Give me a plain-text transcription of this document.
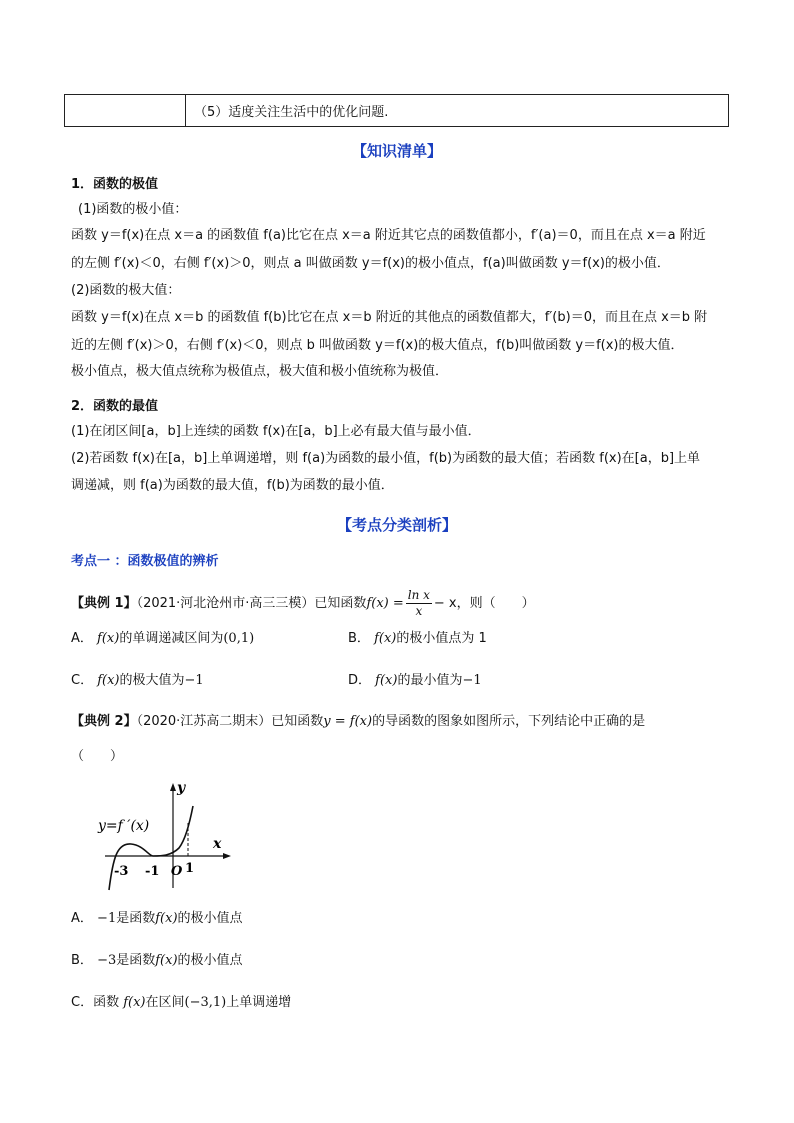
	（5）适度关注生活中的优化问题.
【知识清单】
1．函数的极值
(1)函数的极小值：
函数 y＝f(x)在点 x＝a 的函数值 f(a)比它在点 x＝a 附近其它点的函数值都小，f′(a)＝0，而且在点 x＝a 附近
的左侧 f′(x)＜0，右侧 f′(x)＞0，则点 a 叫做函数 y＝f(x)的极小值点，f(a)叫做函数 y＝f(x)的极小值．
(2)函数的极大值：
函数 y＝f(x)在点 x＝b 的函数值 f(b)比它在点 x＝b 附近的其他点的函数值都大，f′(b)＝0，而且在点 x＝b 附
近的左侧 f′(x)＞0，右侧 f′(x)＜0，则点 b 叫做函数 y＝f(x)的极大值点，f(b)叫做函数 y＝f(x)的极大值．
极小值点，极大值点统称为极值点，极大值和极小值统称为极值．
2．函数的最值
(1)在闭区间[a，b]上连续的函数 f(x)在[a，b]上必有最大值与最小值．
(2)若函数 f(x)在[a，b]上单调递增，则 f(a)为函数的最小值，f(b)为函数的最大值；若函数 f(x)在[a，b]上单
调递减，则 f(a)为函数的最大值，f(b)为函数的最小值．
【考点分类剖析】
考点一 ：函数极值的辨析
【典例 1】（2021·河北沧州市·高三三模）已知函数$f(x) = \frac{\text{ln x}}{x} - x$，则（　　）
A． f(x)的单调递减区间为(0,1)	B． f(x)的极小值点为 1
C． f(x)的极大值为−1	D． f(x)的最小值为−1
【典例 2】（2020·江苏高二期末）已知函数y = f(x)的导函数的图象如图所示，下列结论中正确的是
（　　）
y=f ′(x)
x
y
-3 -1 O 1
A． −1是函数f(x)的极小值点
B． −3是函数f(x)的极小值点
C．函数 f(x)在区间(−3,1)上单调递增
